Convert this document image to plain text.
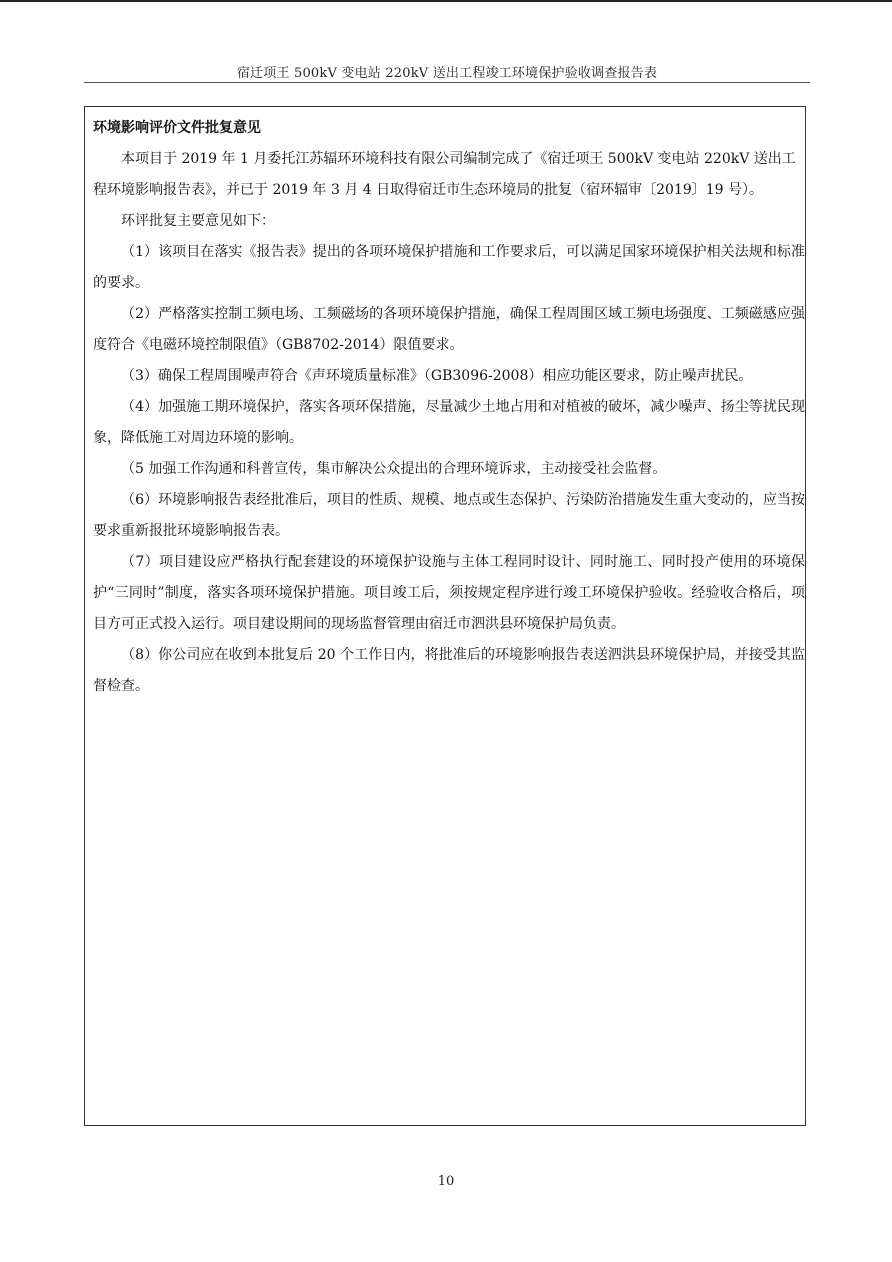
宿迁项王 500kV 变电站 220kV 送出工程竣工环境保护验收调查报告表

环境影响评价文件批复意见

本项目于 2019 年 1 月委托江苏辐环环境科技有限公司编制完成了《宿迁项王 500kV 变电站 220kV 送出工程环境影响报告表》，并已于 2019 年 3 月 4 日取得宿迁市生态环境局的批复（宿环辐审〔2019〕19 号）。

环评批复主要意见如下：

（1）该项目在落实《报告表》提出的各项环境保护措施和工作要求后，可以满足国家环境保护相关法规和标准的要求。

（2）严格落实控制工频电场、工频磁场的各项环境保护措施，确保工程周围区域工频电场强度、工频磁感应强度符合《电磁环境控制限值》（GB8702-2014）限值要求。

（3）确保工程周围噪声符合《声环境质量标准》（GB3096-2008）相应功能区要求，防止噪声扰民。

（4）加强施工期环境保护，落实各项环保措施，尽量减少土地占用和对植被的破坏，减少噪声、扬尘等扰民现象，降低施工对周边环境的影响。

（5 加强工作沟通和科普宣传，集市解决公众提出的合理环境诉求，主动接受社会监督。

（6）环境影响报告表经批准后，项目的性质、规模、地点或生态保护、污染防治措施发生重大变动的，应当按要求重新报批环境影响报告表。

（7）项目建设应严格执行配套建设的环境保护设施与主体工程同时设计、同时施工、同时投产使用的环境保护“三同时”制度，落实各项环境保护措施。项目竣工后，须按规定程序进行竣工环境保护验收。经验收合格后，项目方可正式投入运行。项目建设期间的现场监督管理由宿迁市泗洪县环境保护局负责。

（8）你公司应在收到本批复后 20 个工作日内，将批准后的环境影响报告表送泗洪县环境保护局，并接受其监督检查。

10
